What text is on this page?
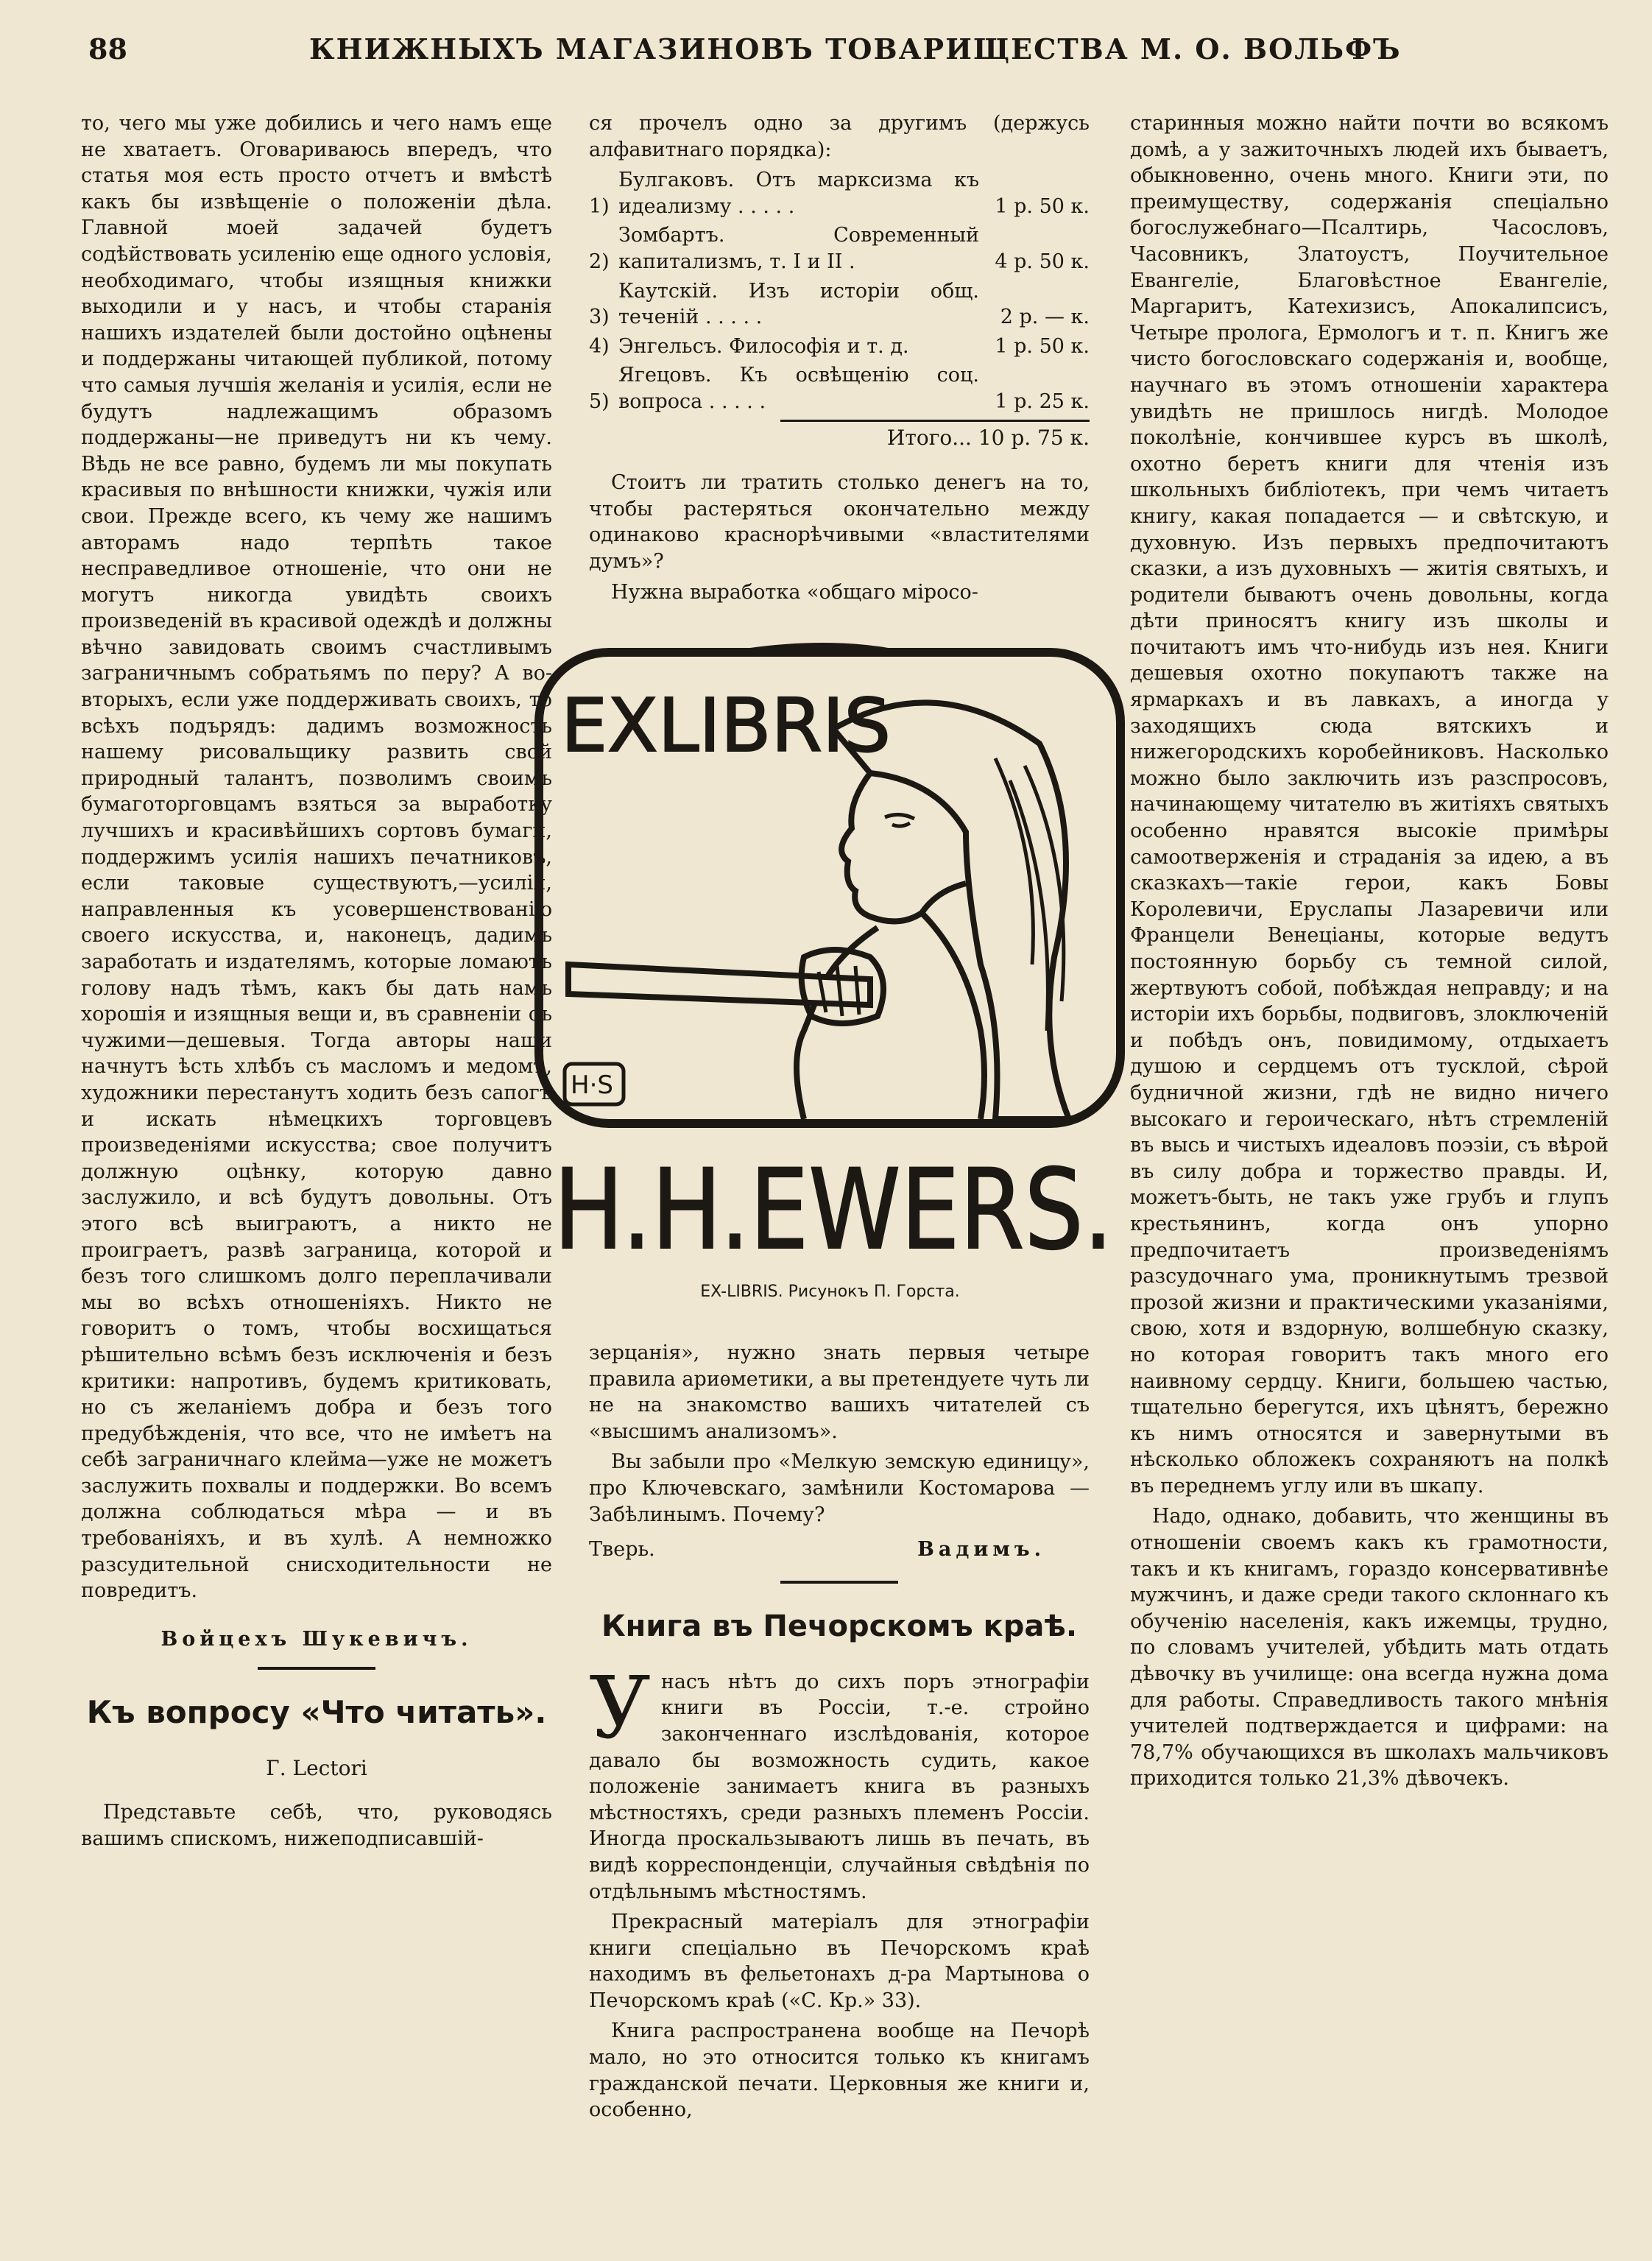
88	КНИЖНЫХЪ МАГАЗИНОВЪ ТОВАРИЩЕСТВА М. О. ВОЛЬФЪ

то, чего мы уже добились и чего намъ еще не хватаетъ. Оговариваюсь впередъ, что статья моя есть просто отчетъ и вмѣстѣ какъ бы извѣщеніе о положеніи дѣла. Главной моей задачей будетъ содѣйствовать усиленію еще одного условія, необходимаго, чтобы изящныя книжки выходили и у насъ, и чтобы старанія нашихъ издателей были достойно оцѣнены и поддержаны читающей публикой, потому что самыя лучшія желанія и усилія, если не будутъ надлежащимъ образомъ поддержаны—не приведутъ ни къ чему. Вѣдь не все равно, будемъ ли мы покупать красивыя по внѣшности книжки, чужія или свои. Прежде всего, къ чему же нашимъ авторамъ надо терпѣть такое несправедливое отношеніе, что они не могутъ никогда увидѣть своихъ произведеній въ красивой одеждѣ и должны вѣчно завидовать своимъ счастливымъ заграничнымъ собратьямъ по перу? А во-вторыхъ, если уже поддерживать своихъ, то всѣхъ подърядъ: дадимъ возможность нашему рисовальщику развить свой природный талантъ, позволимъ своимъ бумаготорговцамъ взяться за выработку лучшихъ и красивѣйшихъ сортовъ бумаги, поддержимъ усилія нашихъ печатниковъ, если таковые существуютъ,—усилія, направленныя къ усовершенствованію своего искусства, и, наконецъ, дадимъ заработать и издателямъ, которые ломаютъ голову надъ тѣмъ, какъ бы дать намъ хорошія и изящныя вещи и, въ сравненіи съ чужими—дешевыя. Тогда авторы наши начнутъ ѣсть хлѣбъ съ масломъ и медомъ, художники перестанутъ ходить безъ сапогъ и искать нѣмецкихъ торговцевъ произведеніями искусства; свое получитъ должную оцѣнку, которую давно заслужило, и всѣ будутъ довольны. Отъ этого всѣ выиграютъ, а никто не проиграетъ, развѣ заграница, которой и безъ того слишкомъ долго переплачивали мы во всѣхъ отношеніяхъ. Никто не говоритъ о томъ, чтобы восхищаться рѣшительно всѣмъ безъ исключенія и безъ критики: напротивъ, будемъ критиковать, но съ желаніемъ добра и безъ того предубѣжденія, что все, что не имѣетъ на себѣ заграничнаго клейма—уже не можетъ заслужить похвалы и поддержки. Во всемъ должна соблюдаться мѣра — и въ требованіяхъ, и въ хулѣ. А немножко разсудительной снисходительности не повредитъ.

Войцехъ Шукевичъ.
Къ вопросу «Что читать».
Г. Lectori

Представьте себѣ, что, руководясь вашимъ спискомъ, нижеподписавшій-

ся прочелъ одно за другимъ (держусь алфавитнаго порядка):

1)
Булгаковъ. Отъ марксизма къ идеализму . . . . .	1 р. 50 к.
2)
Зомбартъ. Современный капитализмъ, т. I и II .	4 р. 50 к.
3)
Каутскій. Изъ исторіи общ. теченій . . . . .	2 р. — к.
4) Энгельсъ. Философія и т. д.	1 р. 50 к.
5)
Ягецовъ. Къ освѣщенію соц. вопроса . . . . .	1 р. 25 к.
Итого... 10 р. 75 к.

Стоитъ ли тратить столько денегъ на то, чтобы растеряться окончательно между одинаково краснорѣчивыми «властителями думъ»?

Нужна выработка «общаго міросо-

EXLIBRIS
H·S
H.H.EWERS.
EX-LIBRIS. Рисунокъ П. Горста.

зерцанія», нужно знать первыя четыре правила ариѳметики, а вы претендуете чуть ли не на знакомство вашихъ читателей съ «высшимъ анализомъ».

Вы забыли про «Мелкую земскую единицу», про Ключевскаго, замѣнили Костомарова — Забѣлинымъ. Почему?

Тверь.	Вадимъ.
Книга въ Печорскомъ краѣ.

Унасъ нѣтъ до сихъ поръ этнографіи книги въ Россіи, т.-е. стройно законченнаго изслѣдованія, которое давало бы возможность судить, какое положеніе занимаетъ книга въ разныхъ мѣстностяхъ, среди разныхъ племенъ Россіи. Иногда проскальзываютъ лишь въ печать, въ видѣ корреспонденціи, случайныя свѣдѣнія по отдѣльнымъ мѣстностямъ.

Прекрасный матеріалъ для этнографіи книги спеціально въ Печорскомъ краѣ находимъ въ фельетонахъ д-ра Мартынова о Печорскомъ краѣ («С. Кр.» 33).

Книга распространена вообще на Печорѣ мало, но это относится только къ книгамъ гражданской печати. Церковныя же книги и, особенно,

старинныя можно найти почти во всякомъ домѣ, а у зажиточныхъ людей ихъ бываетъ, обыкновенно, очень много. Книги эти, по преимуществу, содержанія спеціально богослужебнаго—Псалтирь, Часословъ, Часовникъ, Златоустъ, Поучительное Евангеліе, Благовѣстное Евангеліе, Маргаритъ, Катехизисъ, Апокалипсисъ, Четыре пролога, Ермологъ и т. п. Книгъ же чисто богословскаго содержанія и, вообще, научнаго въ этомъ отношеніи характера увидѣть не пришлось нигдѣ. Молодое поколѣніе, кончившее курсъ въ школѣ, охотно беретъ книги для чтенія изъ школьныхъ библіотекъ, при чемъ читаетъ книгу, какая попадается — и свѣтскую, и духовную. Изъ первыхъ предпочитаютъ сказки, а изъ духовныхъ — житія святыхъ, и родители бываютъ очень довольны, когда дѣти приносятъ книгу изъ школы и почитаютъ имъ что-нибудь изъ нея. Книги дешевыя охотно покупаютъ также на ярмаркахъ и въ лавкахъ, а иногда у заходящихъ сюда вятскихъ и нижегородскихъ коробейниковъ. Насколько можно было заключить изъ разспросовъ, начинающему читателю въ житіяхъ святыхъ особенно нравятся высокіе примѣры самоотверженія и страданія за идею, а въ сказкахъ—такіе герои, какъ Бовы Королевичи, Еруслапы Лазаревичи или Францели Венеціаны, которые ведутъ постоянную борьбу съ темной силой, жертвуютъ собой, побѣждая неправду; и на исторіи ихъ борьбы, подвиговъ, злоключеній и побѣдъ онъ, повидимому, отдыхаетъ душою и сердцемъ отъ тусклой, сѣрой будничной жизни, гдѣ не видно ничего высокаго и героическаго, нѣтъ стремленій въ высь и чистыхъ идеаловъ поэзіи, съ вѣрой въ силу добра и торжество правды. И, можетъ-быть, не такъ уже грубъ и глупъ крестьянинъ, когда онъ упорно предпочитаетъ произведеніямъ разсудочнаго ума, проникнутымъ трезвой прозой жизни и практическими указаніями, свою, хотя и вздорную, волшебную сказку, но которая говоритъ такъ много его наивному сердцу. Книги, большею частью, тщательно берегутся, ихъ цѣнятъ, бережно къ нимъ относятся и завернутыми въ нѣсколько обложекъ сохраняютъ на полкѣ въ переднемъ углу или въ шкапу.

Надо, однако, добавить, что женщины въ отношеніи своемъ какъ къ грамотности, такъ и къ книгамъ, гораздо консервативнѣе мужчинъ, и даже среди такого склоннаго къ обученію населенія, какъ ижемцы, трудно, по словамъ учителей, убѣдить мать отдать дѣвочку въ училище: она всегда нужна дома для работы. Справедливость такого мнѣнія учителей подтверждается и цифрами: на 78,7% обучающихся въ школахъ мальчиковъ приходится только 21,3% дѣвочекъ.
